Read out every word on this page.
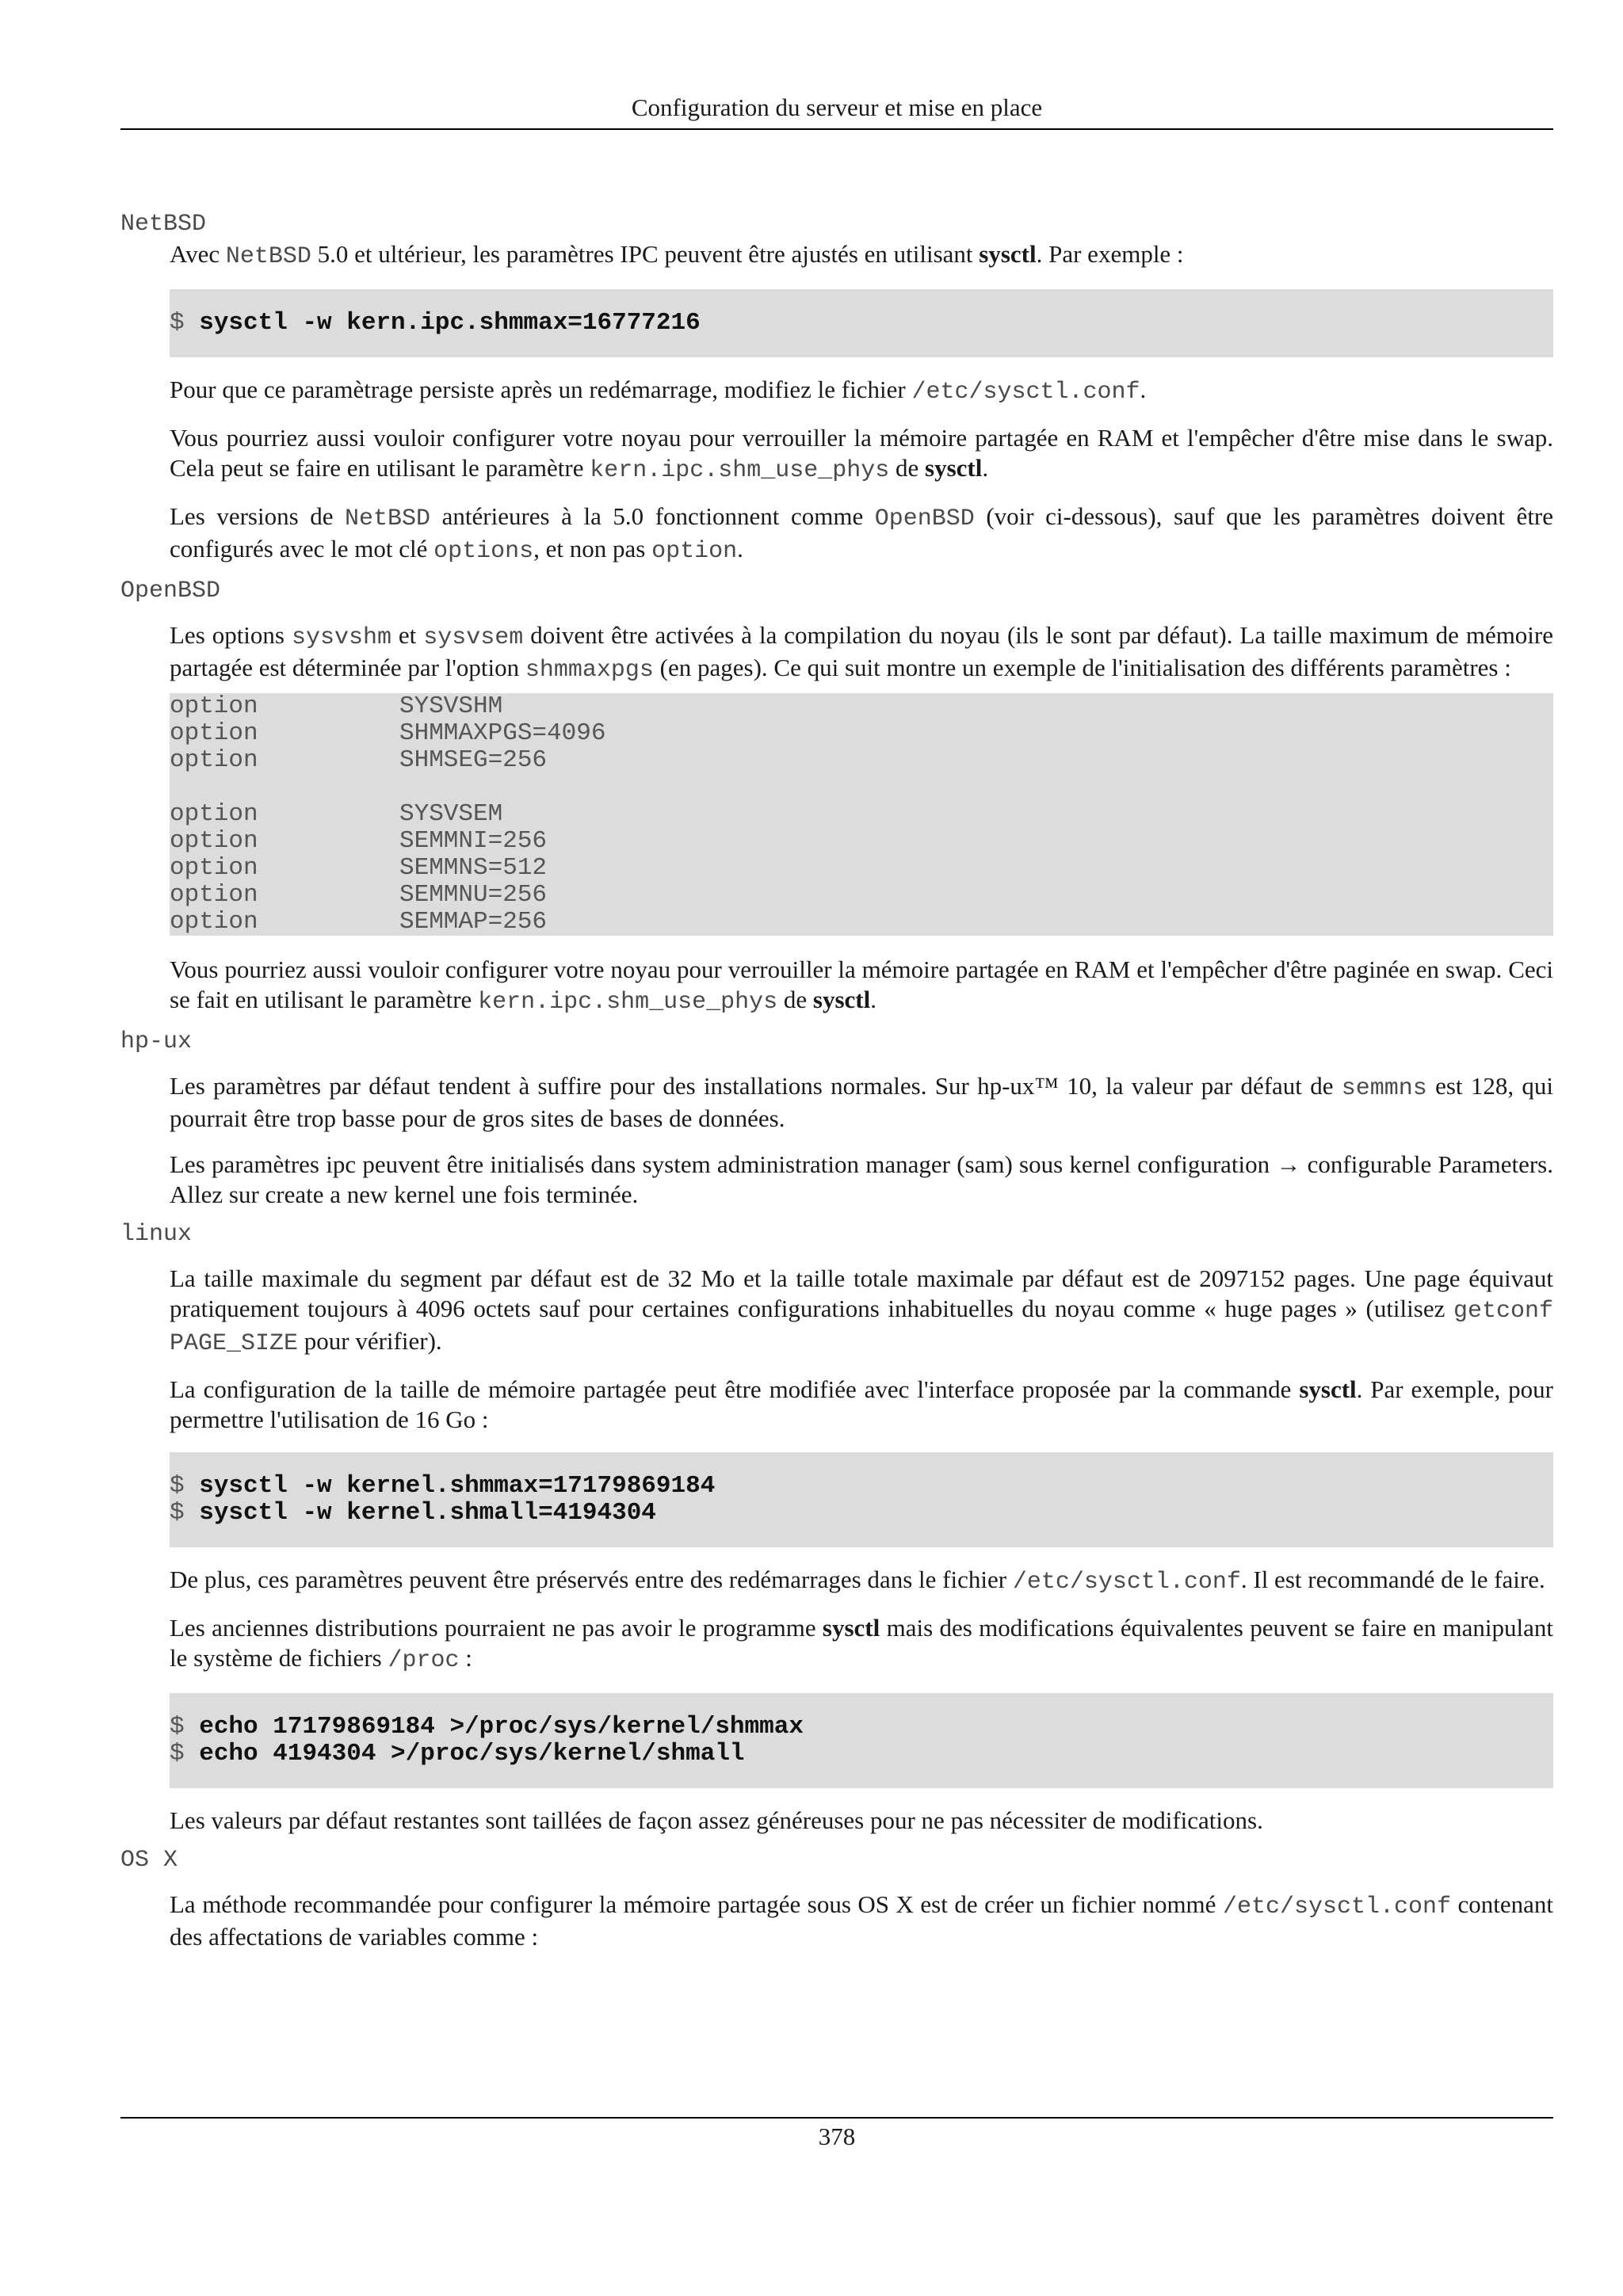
Configuration du serveur et mise en place
NetBSD

Avec NetBSD 5.0 et ultérieur, les paramètres IPC peuvent être ajustés en utilisant sysctl. Par exemple :

$ sysctl -w kern.ipc.shmmax=16777216

Pour que ce paramètrage persiste après un redémarrage, modifiez le fichier /etc/sysctl.conf.

Vous pourriez aussi vouloir configurer votre noyau pour verrouiller la mémoire partagée en RAM et l'empêcher d'être mise dans le swap. Cela peut se faire en utilisant le paramètre kern.ipc.shm_use_phys de sysctl.

Les versions de NetBSD antérieures à la 5.0 fonctionnent comme OpenBSD (voir ci-dessous), sauf que les paramètres doivent être configurés avec le mot clé options, et non pas option.

OpenBSD

Les options sysvshm et sysvsem doivent être activées à la compilation du noyau (ils le sont par défaut). La taille maximum de mémoire partagée est déterminée par l'option shmmaxpgs (en pages). Ce qui suit montre un exemple de l'initialisation des différents paramètres :

option	SYSVSHM
option	SHMMAXPGS=4096
option	SHMSEG=256
option	SYSVSEM
option	SEMMNI=256
option	SEMMNS=512
option	SEMMNU=256
option	SEMMAP=256

Vous pourriez aussi vouloir configurer votre noyau pour verrouiller la mémoire partagée en RAM et l'empêcher d'être paginée en swap. Ceci se fait en utilisant le paramètre kern.ipc.shm_use_phys de sysctl.

hp-ux

Les paramètres par défaut tendent à suffire pour des installations normales. Sur hp-ux™ 10, la valeur par défaut de semmns est 128, qui pourrait être trop basse pour de gros sites de bases de données.

Les paramètres ipc peuvent être initialisés dans system administration manager (sam) sous kernel configuration → configurable Parameters. Allez sur create a new kernel une fois terminée.

linux

La taille maximale du segment par défaut est de 32 Mo et la taille totale maximale par défaut est de 2097152 pages. Une page équivaut pratiquement toujours à 4096 octets sauf pour certaines configurations inhabituelles du noyau comme « huge pages » (utilisez getconf PAGE_SIZE pour vérifier).

La configuration de la taille de mémoire partagée peut être modifiée avec l'interface proposée par la commande sysctl. Par exemple, pour permettre l'utilisation de 16 Go :

$ sysctl -w kernel.shmmax=17179869184
$ sysctl -w kernel.shmall=4194304

De plus, ces paramètres peuvent être préservés entre des redémarrages dans le fichier /etc/sysctl.conf. Il est recommandé de le faire.

Les anciennes distributions pourraient ne pas avoir le programme sysctl mais des modifications équivalentes peuvent se faire en manipulant le système de fichiers /proc :

$ echo 17179869184 >/proc/sys/kernel/shmmax
$ echo 4194304 >/proc/sys/kernel/shmall

Les valeurs par défaut restantes sont taillées de façon assez généreuses pour ne pas nécessiter de modifications.

OS X

La méthode recommandée pour configurer la mémoire partagée sous OS X est de créer un fichier nommé /etc/sysctl.conf contenant des affectations de variables comme :

378
